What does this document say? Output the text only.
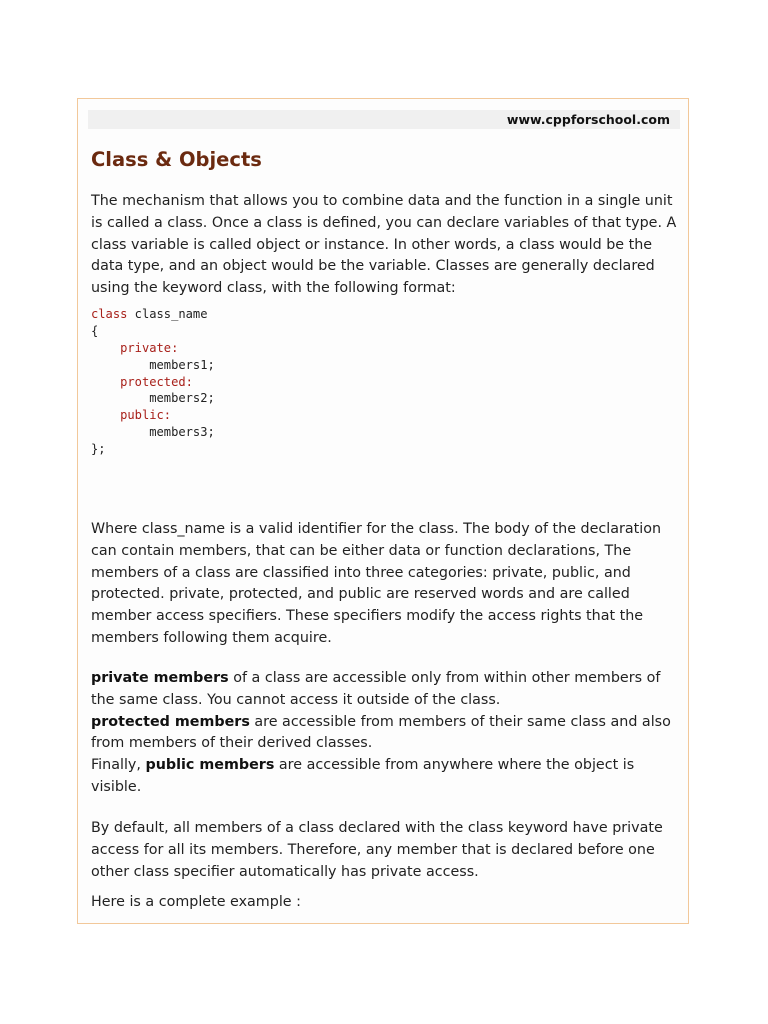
www.cppforschool.com
Class & Objects

The mechanism that allows you to combine data and the function in a single unit is called a class. Once a class is defined, you can declare variables of that type. A class variable is called object or instance. In other words, a class would be the data type, and an object would be the variable. Classes are generally declared using the keyword class, with the following format:

class class_name
{
private:
members1;
protected:
members2;
public:
members3;
};

Where class_name is a valid identifier for the class. The body of the declaration can contain members, that can be either data or function declarations, The members of a class are classified into three categories: private, public, and protected. private, protected, and public are reserved words and are called member access specifiers. These specifiers modify the access rights that the members following them acquire.

private members of a class are accessible only from within other members of the same class. You cannot access it outside of the class.
protected members are accessible from members of their same class and also from members of their derived classes.
Finally, public members are accessible from anywhere where the object is visible.

By default, all members of a class declared with the class keyword have private access for all its members. Therefore, any member that is declared before one other class specifier automatically has private access.

Here is a complete example :
